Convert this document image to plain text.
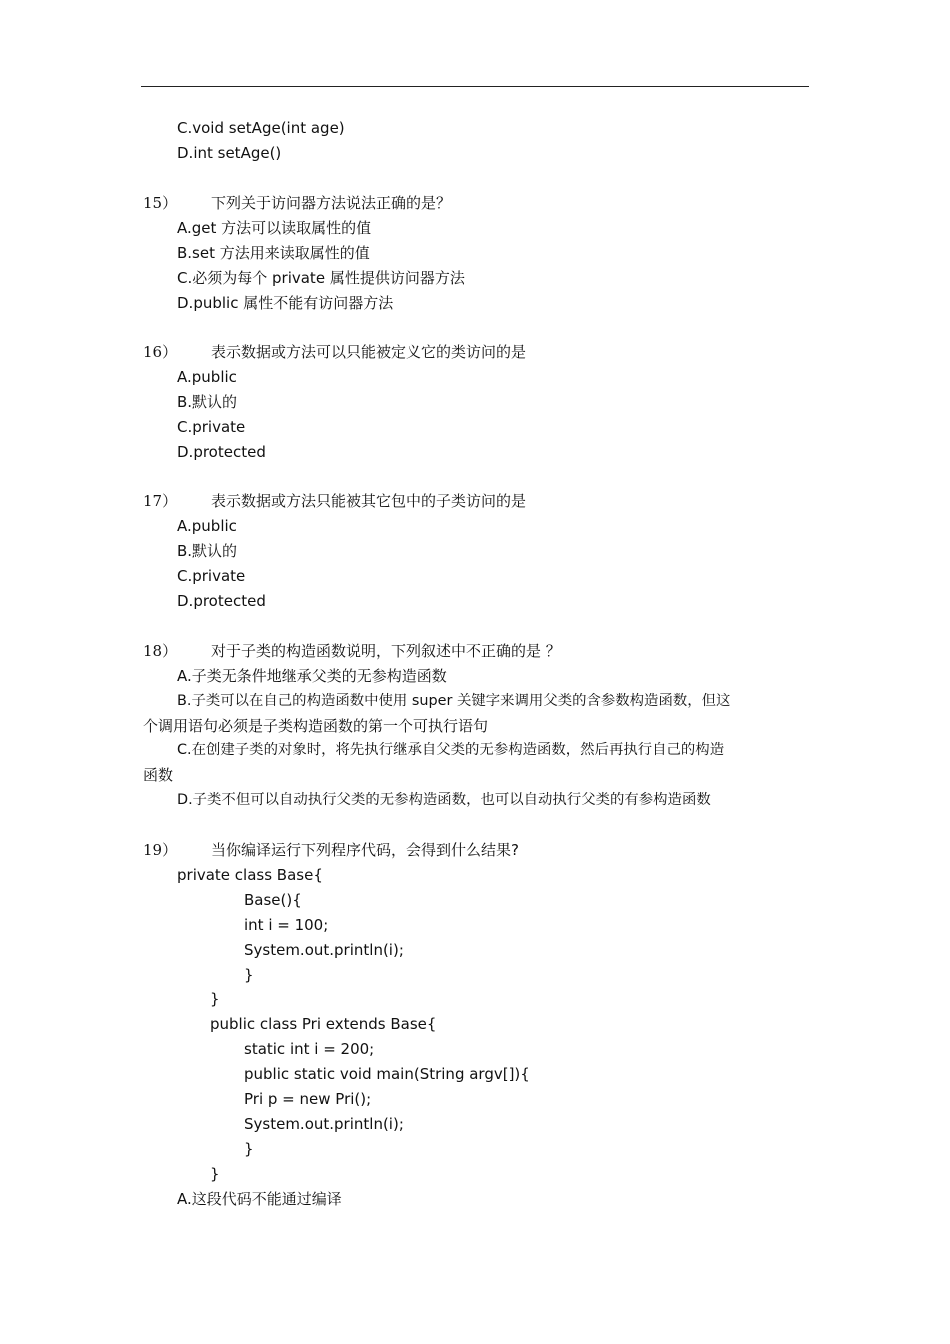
C.void setAge(int age)
D.int setAge()
15） 下列关于访问器方法说法正确的是？
A.get 方法可以读取属性的值
B.set 方法用来读取属性的值
C.必须为每个 private 属性提供访问器方法
D.public 属性不能有访问器方法
16） 表示数据或方法可以只能被定义它的类访问的是
A.public
B.默认的
C.private
D.protected
17） 表示数据或方法只能被其它包中的子类访问的是
A.public
B.默认的
C.private
D.protected
18） 对于子类的构造函数说明，下列叙述中不正确的是 ？
A.子类无条件地继承父类的无参构造函数
B.子类可以在自己的构造函数中使用 super 关键字来调用父类的含参数构造函数，但这
个调用语句必须是子类构造函数的第一个可执行语句
C.在创建子类的对象时，将先执行继承自父类的无参构造函数，然后再执行自己的构造
函数
D.子类不但可以自动执行父类的无参构造函数，也可以自动执行父类的有参构造函数
19） 当你编译运行下列程序代码，会得到什么结果?
private class Base{
Base(){
int i = 100;
System.out.println(i);
}
}
public class Pri extends Base{
static int i = 200;
public static void main(String argv[]){
Pri p = new Pri();
System.out.println(i);
}
}
A.这段代码不能通过编译
